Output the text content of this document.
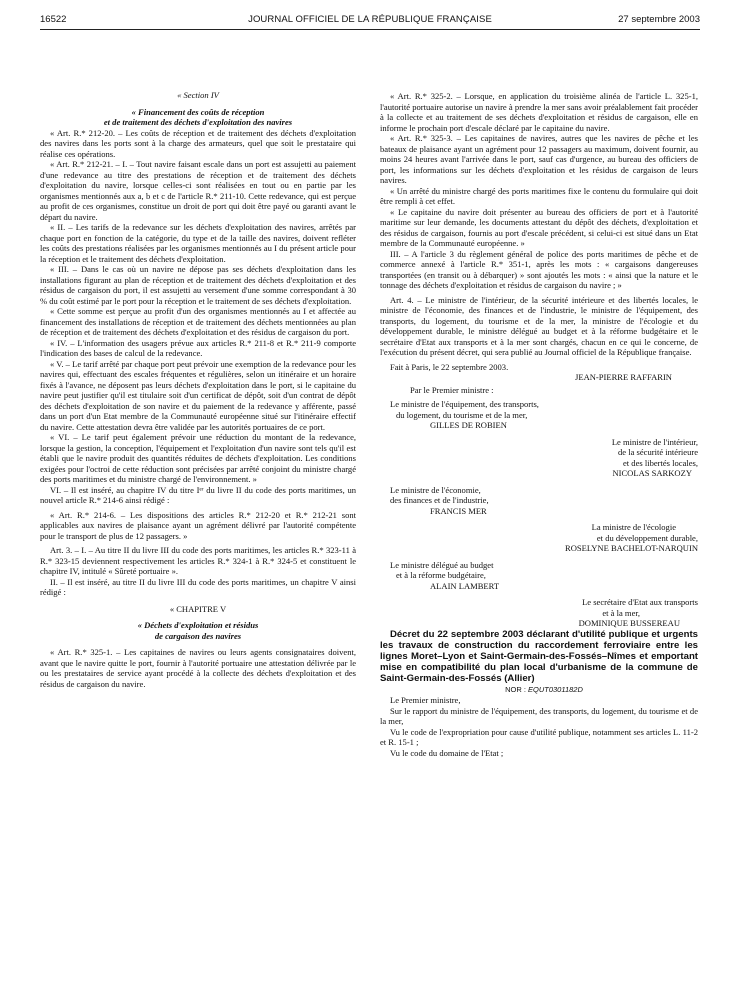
16522	JOURNAL OFFICIEL DE LA RÉPUBLIQUE FRANÇAISE	27 septembre 2003

« Section IV

« Financement des coûts de réception

et de traitement des déchets d'exploitation des navires

« Art. R.* 212-20. – Les coûts de réception et de traitement des déchets d'exploitation des navires dans les ports sont à la charge des armateurs, quel que soit le prestataire qui réalise ces opérations.

« Art. R.* 212-21. – I. – Tout navire faisant escale dans un port est assujetti au paiement d'une redevance au titre des prestations de réception et de traitement des déchets d'exploitation du navire, lorsque celles-ci sont réalisées en tout ou en partie par les organismes mentionnés aux a, b et c de l'article R.* 211-10. Cette redevance, qui est perçue au profit de ces organismes, constitue un droit de port qui doit être payé ou garanti avant le départ du navire.

« II. – Les tarifs de la redevance sur les déchets d'exploitation des navires, arrêtés par chaque port en fonction de la catégorie, du type et de la taille des navires, doivent refléter les coûts des prestations réalisées par les organismes mentionnés au I du présent article pour la réception et le traitement des déchets d'exploitation.

« III. – Dans le cas où un navire ne dépose pas ses déchets d'exploitation dans les installations figurant au plan de réception et de traitement des déchets d'exploitation et des résidus de cargaison du port, il est assujetti au versement d'une somme correspondant à 30 % du coût estimé par le port pour la réception et le traitement de ses déchets d'exploitation.

« Cette somme est perçue au profit d'un des organismes mentionnés au I et affectée au financement des installations de réception et de traitement des déchets mentionnées au plan de réception et de traitement des déchets d'exploitation et des résidus de cargaison du port.

« IV. – L'information des usagers prévue aux articles R.* 211-8 et R.* 211-9 comporte l'indication des bases de calcul de la redevance.

« V. – Le tarif arrêté par chaque port peut prévoir une exemption de la redevance pour les navires qui, effectuant des escales fréquentes et régulières, selon un itinéraire et un horaire fixés à l'avance, ne déposent pas leurs déchets d'exploitation dans le port, si le capitaine du navire peut justifier qu'il est titulaire soit d'un certificat de dépôt, soit d'un contrat de dépôt des déchets d'exploitation de son navire et du paiement de la redevance y afférente, passé dans un port d'un Etat membre de la Communauté européenne situé sur l'itinéraire effectif du navire. Cette attestation devra être validée par les autorités portuaires de ce port.

« VI. – Le tarif peut également prévoir une réduction du montant de la redevance, lorsque la gestion, la conception, l'équipement et l'exploitation d'un navire sont tels qu'il est établi que le navire produit des quantités réduites de déchets d'exploitation. Les conditions exigées pour l'octroi de cette réduction sont précisées par arrêté conjoint du ministre chargé des ports maritimes et du ministre chargé de l'environnement. »

VI. – Il est inséré, au chapitre IV du titre Iᵉʳ du livre II du code des ports maritimes, un nouvel article R.* 214-6 ainsi rédigé :

« Art. R.* 214-6. – Les dispositions des articles R.* 212-20 et R.* 212-21 sont applicables aux navires de plaisance ayant un agrément délivré par l'autorité compétente pour le transport de plus de 12 passagers. »

Art. 3. – I. – Au titre II du livre III du code des ports maritimes, les articles R.* 323-11 à R.* 323-15 deviennent respectivement les articles R.* 324-1 à R.* 324-5 et constituent le chapitre IV, intitulé « Sûreté portuaire ».

II. – Il est inséré, au titre II du livre III du code des ports maritimes, un chapitre V ainsi rédigé :

« CHAPITRE V

« Déchets d'exploitation et résidus

de cargaison des navires

« Art. R.* 325-1. – Les capitaines de navires ou leurs agents consignataires doivent, avant que le navire quitte le port, fournir à l'autorité portuaire une attestation délivrée par le ou les prestataires de service ayant procédé à la collecte des déchets d'exploitation et des résidus de cargaison du navire.

« Art. R.* 325-2. – Lorsque, en application du troisième alinéa de l'article L. 325-1, l'autorité portuaire autorise un navire à prendre la mer sans avoir préalablement fait procéder à la collecte et au traitement de ses déchets d'exploitation et résidus de cargaison, elle en informe le prochain port d'escale déclaré par le capitaine du navire.

« Art. R.* 325-3. – Les capitaines de navires, autres que les navires de pêche et les bateaux de plaisance ayant un agrément pour 12 passagers au maximum, doivent fournir, au moins 24 heures avant l'arrivée dans le port, sauf cas d'urgence, au bureau des officiers de port, les informations sur les déchets d'exploitation et les résidus de cargaison de leurs navires.

« Un arrêté du ministre chargé des ports maritimes fixe le contenu du formulaire qui doit être rempli à cet effet.

« Le capitaine du navire doit présenter au bureau des officiers de port et à l'autorité maritime sur leur demande, les documents attestant du dépôt des déchets, d'exploitation et des résidus de cargaison, fournis au port d'escale précédent, si celui-ci est situé dans un Etat membre de la Communauté européenne. »

III. – A l'article 3 du règlement général de police des ports maritimes de pêche et de commerce annexé à l'article R.* 351-1, après les mots : « cargaisons dangereuses transportées (en transit ou à débarquer) » sont ajoutés les mots : « ainsi que la nature et le tonnage des déchets d'exploitation et résidus de cargaison du navire ; »

Art. 4. – Le ministre de l'intérieur, de la sécurité intérieure et des libertés locales, le ministre de l'économie, des finances et de l'industrie, le ministre de l'équipement, des transports, du logement, du tourisme et de la mer, la ministre de l'écologie et du développement durable, le ministre délégué au budget et à la réforme budgétaire et le secrétaire d'Etat aux transports et à la mer sont chargés, chacun en ce qui le concerne, de l'exécution du présent décret, qui sera publié au Journal officiel de la République française.

Fait à Paris, le 22 septembre 2003.

JEAN-PIERRE RAFFARIN

Par le Premier ministre :

Le ministre de l'équipement, des transports,

du logement, du tourisme et de la mer,

GILLES DE ROBIEN

Le ministre de l'intérieur,

de la sécurité intérieure

et des libertés locales,

NICOLAS SARKOZY

Le ministre de l'économie,

des finances et de l'industrie,

FRANCIS MER

La ministre de l'écologie

et du développement durable,

ROSELYNE BACHELOT-NARQUIN

Le ministre délégué au budget

et à la réforme budgétaire,

ALAIN LAMBERT

Le secrétaire d'Etat aux transports

et à la mer,

DOMINIQUE BUSSEREAU

Décret du 22 septembre 2003 déclarant d'utilité publique et urgents les travaux de construction du raccordement ferroviaire entre les lignes Moret–Lyon et Saint-Germain-des-Fossés–Nîmes et emportant mise en compatibilité du plan local d'urbanisme de la commune de Saint-Germain-des-Fossés (Allier)

NOR : EQUT0301182D

Le Premier ministre,

Sur le rapport du ministre de l'équipement, des transports, du logement, du tourisme et de la mer,

Vu le code de l'expropriation pour cause d'utilité publique, notamment ses articles L. 11-2 et R. 15-1 ;

Vu le code du domaine de l'Etat ;
